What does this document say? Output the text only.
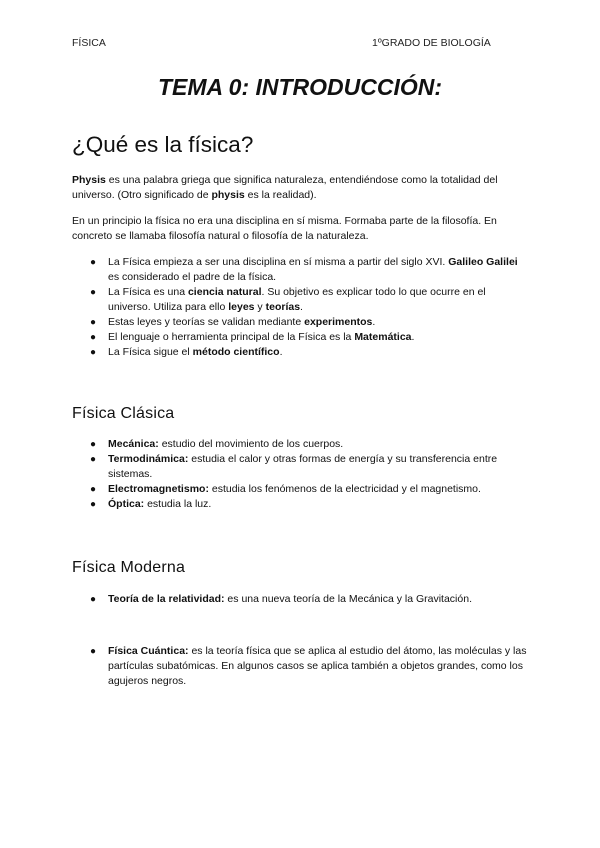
FÍSICA	1ºGRADO DE BIOLOGÍA
TEMA 0: INTRODUCCIÓN:
¿Qué es la física?

Physis es una palabra griega que significa naturaleza, entendiéndose como la totalidad del universo. (Otro significado de physis es la realidad).

En un principio la física no era una disciplina en sí misma. Formaba parte de la filosofía. En concreto se llamaba filosofía natural o filosofía de la naturaleza.

● La Física empieza a ser una disciplina en sí misma a partir del siglo XVI. Galileo Galilei es considerado el padre de la física.
● La Física es una ciencia natural. Su objetivo es explicar todo lo que ocurre en el universo. Utiliza para ello leyes y teorías.
● Estas leyes y teorías se validan mediante experimentos.
● El lenguaje o herramienta principal de la Física es la Matemática.
● La Física sigue el método científico.
Física Clásica
● Mecánica: estudio del movimiento de los cuerpos.
● Termodinámica: estudia el calor y otras formas de energía y su transferencia entre sistemas.
● Electromagnetismo: estudia los fenómenos de la electricidad y el magnetismo.
● Óptica: estudia la luz.
Física Moderna
● Teoría de la relatividad: es una nueva teoría de la Mecánica y la Gravitación.
● Física Cuántica: es la teoría física que se aplica al estudio del átomo, las moléculas y las partículas subatómicas. En algunos casos se aplica también a objetos grandes, como los agujeros negros.
